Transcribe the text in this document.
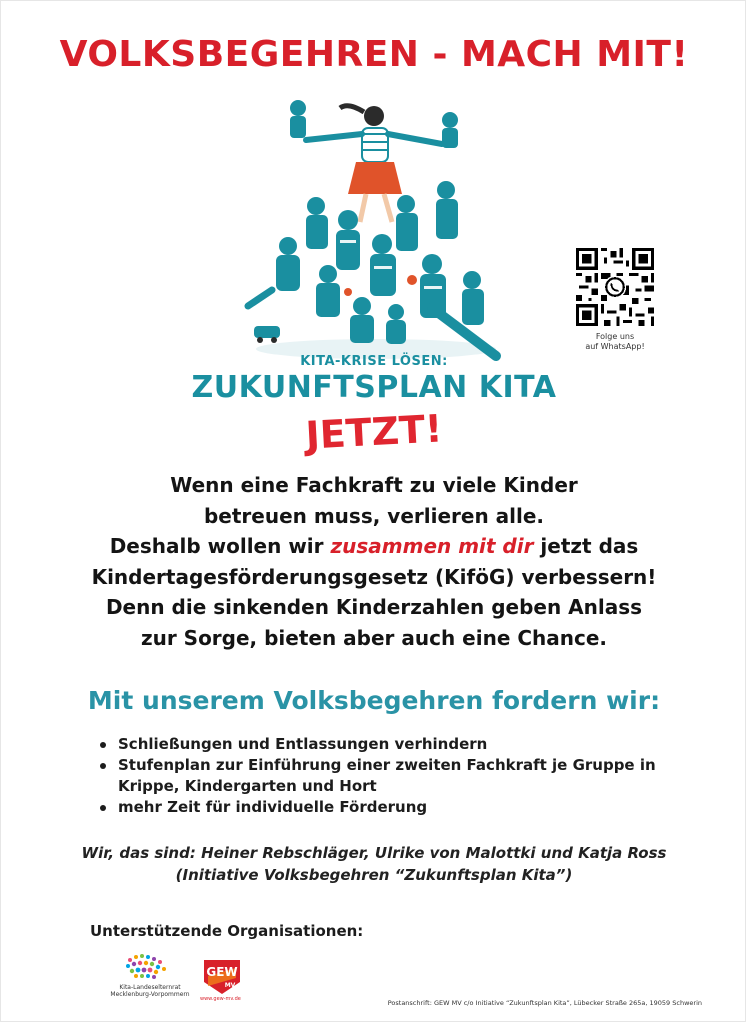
VOLKSBEGEHREN - MACH MIT!
KITA-KRISE LÖSEN:
ZUKUNFTSPLAN KITA
JETZT!
Folge uns
auf WhatsApp!
Wenn eine Fachkraft zu viele Kinder
betreuen muss, verlieren alle.
Deshalb wollen wir zusammen mit dir jetzt das
Kindertagesförderungsgesetz (KiföG) verbessern!
Denn die sinkenden Kinderzahlen geben Anlass
zur Sorge, bieten aber auch eine Chance.
Mit unserem Volksbegehren fordern wir:
Schließungen und Entlassungen verhindern
Stufenplan zur Einführung einer zweiten Fachkraft je Gruppe in Krippe, Kindergarten und Hort
mehr Zeit für individuelle Förderung
Wir, das sind: Heiner Rebschläger, Ulrike von Malottki und Katja Ross
(Initiative Volksbegehren “Zukunftsplan Kita”)
Unterstützende Organisationen:
Kita-Landeselternrat
Mecklenburg-Vorpommern
GEW
MV
www.gew-mv.de	Postanschrift: GEW MV c/o Initiative “Zukunftsplan Kita”, Lübecker Straße 265a, 19059 Schwerin
